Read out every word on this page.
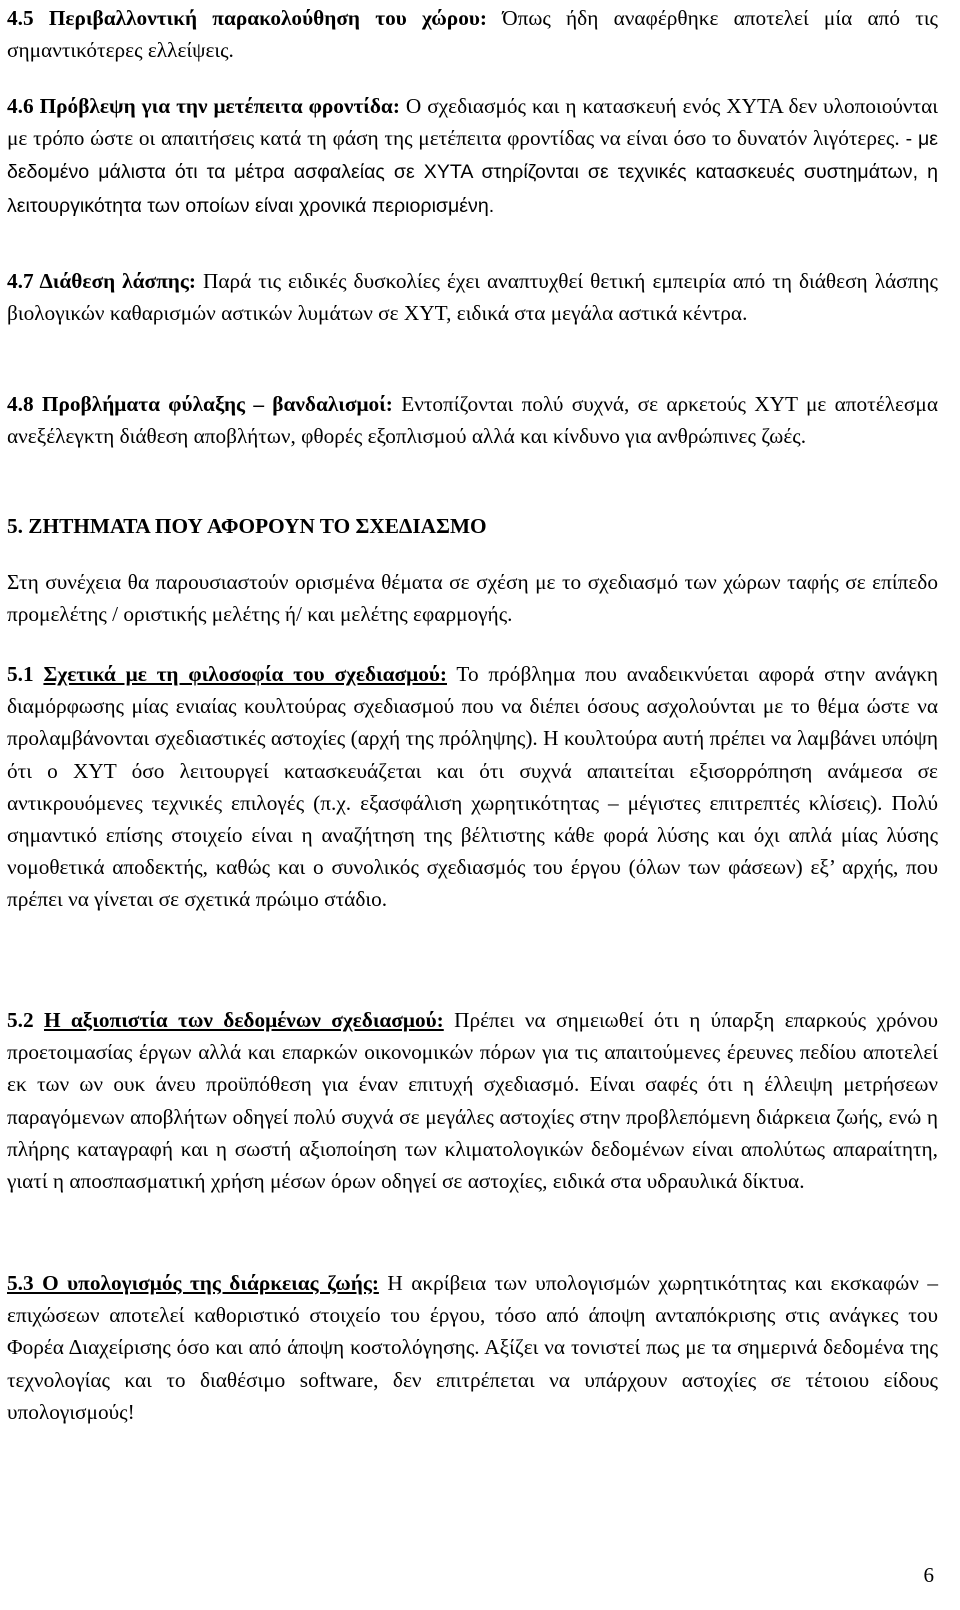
4.5 Περιβαλλοντική παρακολούθηση του χώρου: Όπως ήδη αναφέρθηκε αποτελεί μία από τις σημαντικότερες ελλείψεις.

4.6 Πρόβλεψη για την μετέπειτα φροντίδα: Ο σχεδιασμός και η κατασκευή ενός ΧΥΤΑ δεν υλοποιούνται με τρόπο ώστε οι απαιτήσεις κατά τη φάση της μετέπειτα φροντίδας να είναι όσο το δυνατόν λιγότερες. - με δεδομένο μάλιστα ότι τα μέτρα ασφαλείας σε ΧΥΤΑ στηρίζονται σε τεχνικές κατασκευές συστημάτων, η λειτουργικότητα των οποίων είναι χρονικά περιορισμένη.

4.7 Διάθεση λάσπης: Παρά τις ειδικές δυσκολίες έχει αναπτυχθεί θετική εμπειρία από τη διάθεση λάσπης βιολογικών καθαρισμών αστικών λυμάτων σε ΧΥΤ, ειδικά στα μεγάλα αστικά κέντρα.

4.8 Προβλήματα φύλαξης – βανδαλισμοί: Εντοπίζονται πολύ συχνά, σε αρκετούς ΧΥΤ με αποτέλεσμα ανεξέλεγκτη διάθεση αποβλήτων, φθορές εξοπλισμού αλλά και κίνδυνο για ανθρώπινες ζωές.

5. ΖΗΤΗΜΑΤΑ ΠΟΥ ΑΦΟΡΟΥΝ ΤΟ ΣΧΕΔΙΑΣΜΟ

Στη συνέχεια θα παρουσιαστούν ορισμένα θέματα σε σχέση με το σχεδιασμό των χώρων ταφής σε επίπεδο προμελέτης / οριστικής μελέτης ή/ και μελέτης εφαρμογής.

5.1 Σχετικά με τη φιλοσοφία του σχεδιασμού: Το πρόβλημα που αναδεικνύεται αφορά στην ανάγκη διαμόρφωσης μίας ενιαίας κουλτούρας σχεδιασμού που να διέπει όσους ασχολούνται με το θέμα ώστε να προλαμβάνονται σχεδιαστικές αστοχίες (αρχή της πρόληψης). Η κουλτούρα αυτή πρέπει να λαμβάνει υπόψη ότι ο ΧΥΤ όσο λειτουργεί κατασκευάζεται και ότι συχνά απαιτείται εξισορρόπηση ανάμεσα σε αντικρουόμενες τεχνικές επιλογές (π.χ. εξασφάλιση χωρητικότητας – μέγιστες επιτρεπτές κλίσεις). Πολύ σημαντικό επίσης στοιχείο είναι η αναζήτηση της βέλτιστης κάθε φορά λύσης και όχι απλά μίας λύσης νομοθετικά αποδεκτής, καθώς και ο συνολικός σχεδιασμός του έργου (όλων των φάσεων) εξ’ αρχής, που πρέπει να γίνεται σε σχετικά πρώιμο στάδιο.

5.2 Η αξιοπιστία των δεδομένων σχεδιασμού: Πρέπει να σημειωθεί ότι η ύπαρξη επαρκούς χρόνου προετοιμασίας έργων αλλά και επαρκών οικονομικών πόρων για τις απαιτούμενες έρευνες πεδίου αποτελεί εκ των ων ουκ άνευ προϋπόθεση για έναν επιτυχή σχεδιασμό. Είναι σαφές ότι η έλλειψη μετρήσεων παραγόμενων αποβλήτων οδηγεί πολύ συχνά σε μεγάλες αστοχίες στην προβλεπόμενη διάρκεια ζωής, ενώ η πλήρης καταγραφή και η σωστή αξιοποίηση των κλιματολογικών δεδομένων είναι απολύτως απαραίτητη, γιατί η αποσπασματική χρήση μέσων όρων οδηγεί σε αστοχίες, ειδικά στα υδραυλικά δίκτυα.

5.3 Ο υπολογισμός της διάρκειας ζωής: Η ακρίβεια των υπολογισμών χωρητικότητας και εκσκαφών – επιχώσεων αποτελεί καθοριστικό στοιχείο του έργου, τόσο από άποψη ανταπόκρισης στις ανάγκες του Φορέα Διαχείρισης όσο και από άποψη κοστολόγησης. Αξίζει να τονιστεί πως με τα σημερινά δεδομένα της τεχνολογίας και το διαθέσιμο software, δεν επιτρέπεται να υπάρχουν αστοχίες σε τέτοιου είδους υπολογισμούς!

6
